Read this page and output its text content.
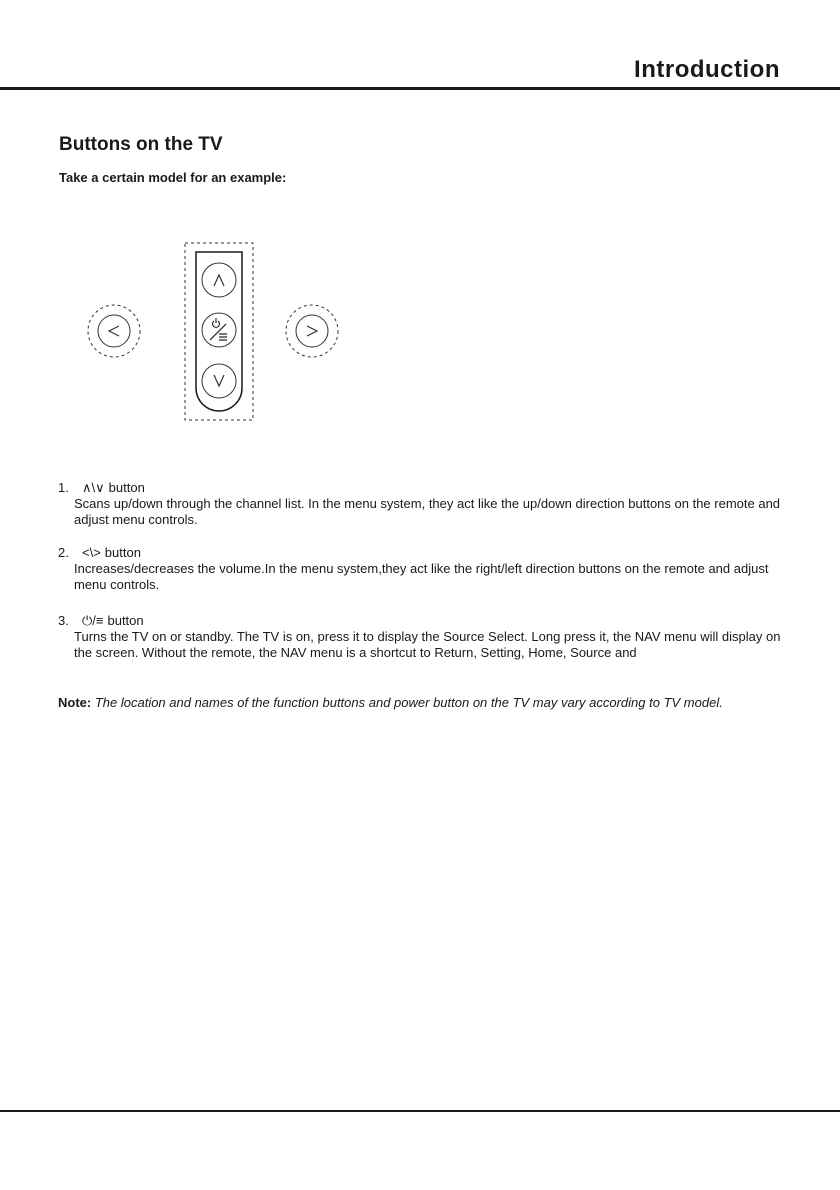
Introduction
Buttons on the TV
Take a certain model for an example:
1.	∧\∨ button
Scans up/down through the channel list. In the menu system, they act like the up/down direction buttons on the remote and adjust menu controls.
2.	<\> button
Increases/decreases the volume.In the menu system,they act like the right/left direction buttons on the remote and adjust menu controls.
3.	⏻/≡ button
Turns the TV on or standby. The TV is on, press it to display the Source Select. Long press it, the NAV menu will display on the screen. Without the remote, the NAV menu is a shortcut to Return, Setting, Home, Source and
Note: The location and names of the function buttons and power button on the TV may vary according to TV model.
